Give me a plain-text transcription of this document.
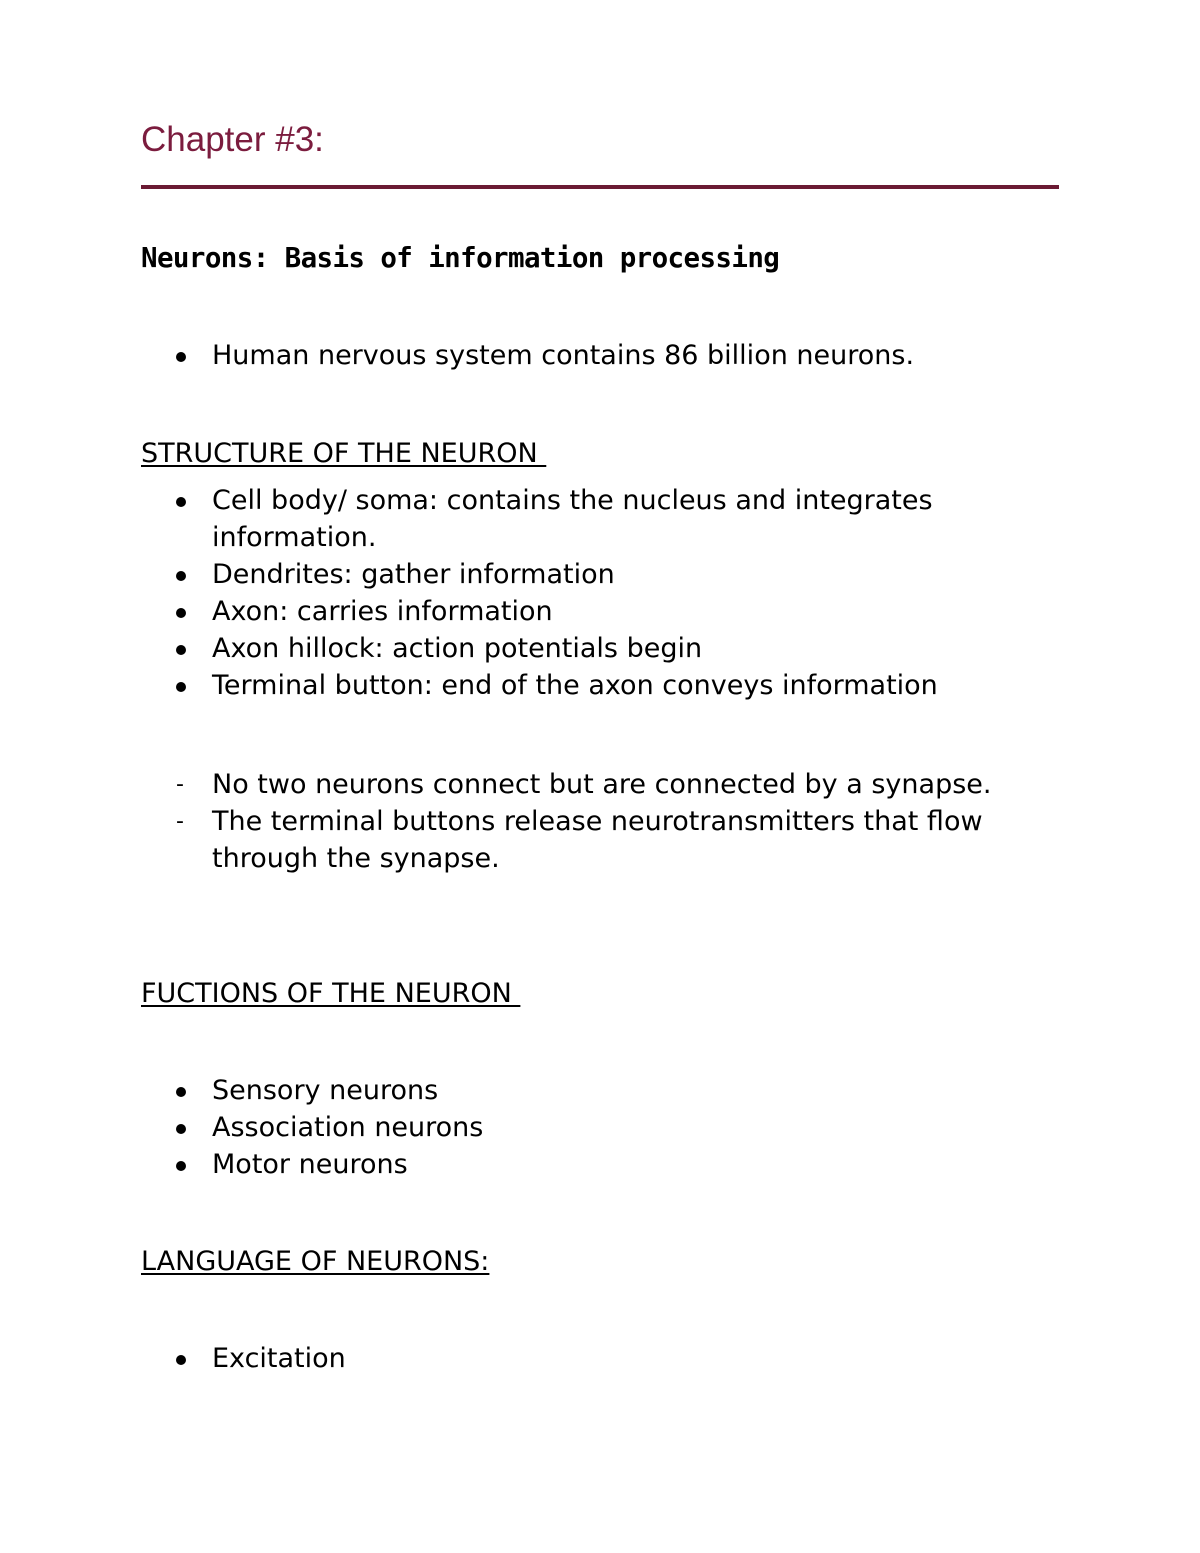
Chapter #3:

Neurons: Basis of information processing

Human nervous system contains 86 billion neurons.

STRUCTURE OF THE NEURON

Cell body/ soma: contains the nucleus and integrates information.
Dendrites: gather information
Axon: carries information
Axon hillock: action potentials begin
Terminal button: end of the axon conveys information
- No two neurons connect but are connected by a synapse.
- The terminal buttons release neurotransmitters that flow through the synapse.

FUCTIONS OF THE NEURON

Sensory neurons
Association neurons
Motor neurons

LANGUAGE OF NEURONS:

Excitation
